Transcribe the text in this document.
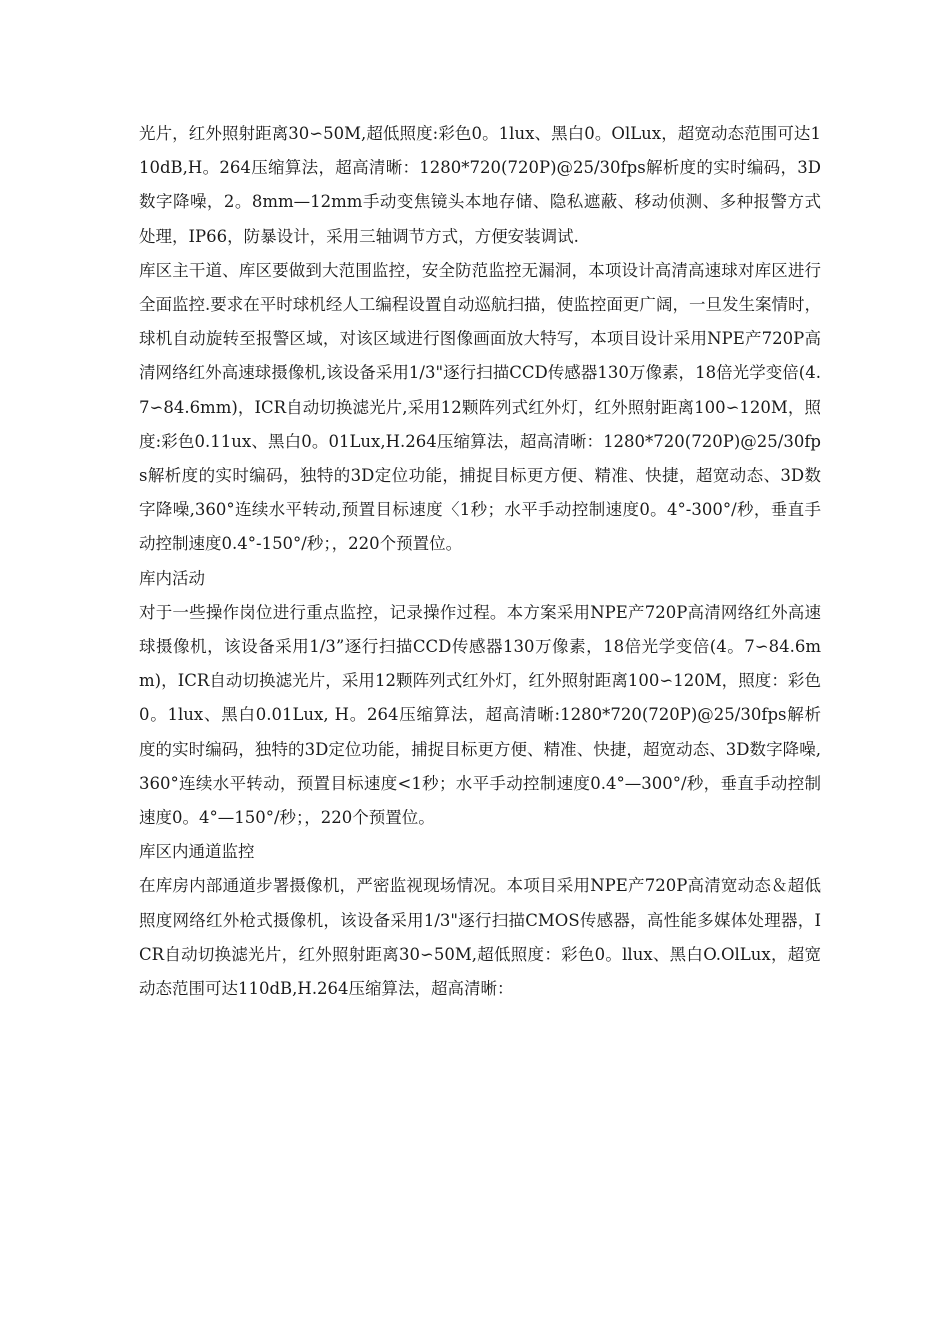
光片，红外照射距离30∽50M,超低照度:彩色0。1lux、黑白0。OlLux，超宽动态范围可达110dB,H。264压缩算法，超高清晰：1280*720(720P)@25/30fps解析度的实时编码，3D数字降噪，2。8mm—12mm手动变焦镜头本地存储、隐私遮蔽、移动侦测、多种报警方式处理，IP66，防暴设计，采用三轴调节方式，方便安装调试.

库区主干道、库区要做到大范围监控，安全防范监控无漏洞，本项设计高清高速球对库区进行全面监控.要求在平时球机经人工编程设置自动巡航扫描，使监控面更广阔，一旦发生案情时，球机自动旋转至报警区域，对该区域进行图像画面放大特写，本项目设计采用NPE产720P高清网络红外高速球摄像机,该设备采用1/3"逐行扫描CCD传感器130万像素，18倍光学变倍(4.7∽84.6mm)，ICR自动切换滤光片,采用12颗阵列式红外灯，红外照射距离100∽120M，照度:彩色0.11ux、黑白0。01Lux,H.264压缩算法，超高清晰：1280*720(720P)@25/30fps解析度的实时编码，独特的3D定位功能，捕捉目标更方便、精准、快捷，超宽动态、3D数字降噪,360°连续水平转动,预置目标速度〈1秒；水平手动控制速度0。4°-300°/秒，垂直手动控制速度0.4°-150°/秒；，220个预置位。

库内活动

对于一些操作岗位进行重点监控，记录操作过程。本方案采用NPE产720P高清网络红外高速球摄像机，该设备采用1/3”逐行扫描CCD传感器130万像素，18倍光学变倍(4。7∽84.6mm)，ICR自动切换滤光片，采用12颗阵列式红外灯，红外照射距离100∽120M，照度：彩色0。1lux、黑白0.01Lux, H。264压缩算法，超高清晰:1280*720(720P)@25/30fps解析度的实时编码，独特的3D定位功能，捕捉目标更方便、精准、快捷，超宽动态、3D数字降噪,360°连续水平转动，预置目标速度<1秒；水平手动控制速度0.4°—300°/秒，垂直手动控制速度0。4°—150°/秒；，220个预置位。

库区内通道监控

在库房内部通道步署摄像机，严密监视现场情况。本项目采用NPE产720P高清宽动态＆超低照度网络红外枪式摄像机，该设备采用1/3"逐行扫描CMOS传感器，高性能多媒体处理器，ICR自动切换滤光片，红外照射距离30∽50M,超低照度：彩色0。llux、黑白O.OlLux，超宽动态范围可达110dB,H.264压缩算法，超高清晰：
